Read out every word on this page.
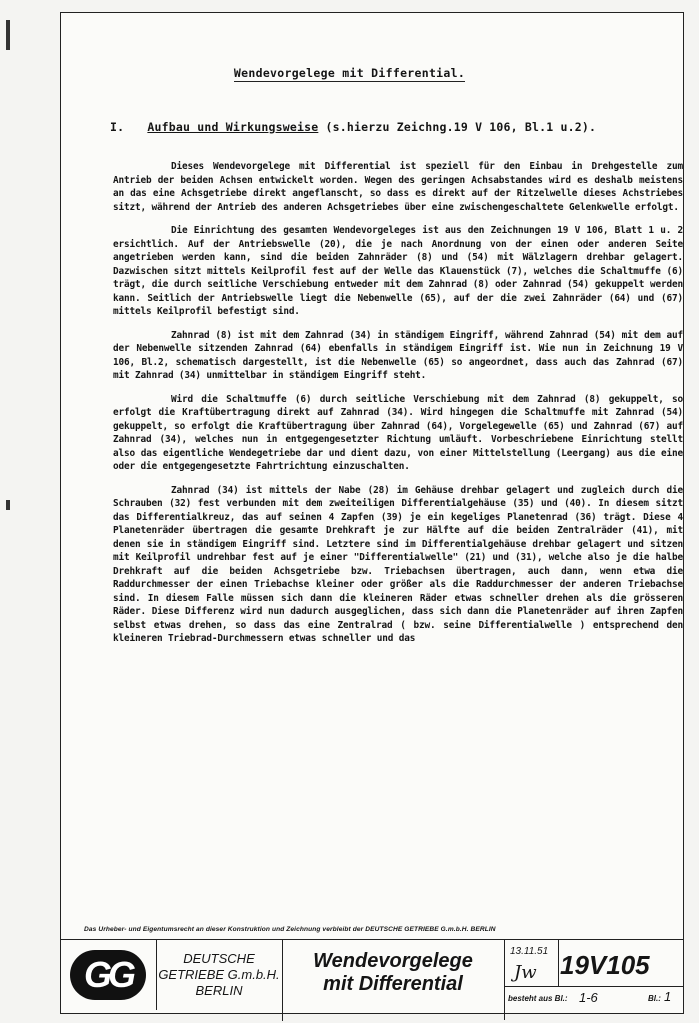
Wendevorgelege mit Differential.
I. Aufbau und Wirkungsweise (s.hierzu Zeichng.19 V 106, Bl.1 u.2).

Dieses Wendevorgelege mit Differential ist speziell für den Einbau in Drehgestelle zum Antrieb der beiden Achsen entwickelt worden. Wegen des geringen Achsabstandes wird es deshalb meistens an das eine Achsgetriebe direkt angeflanscht, so dass es direkt auf der Ritzelwelle dieses Achstriebes sitzt, während der Antrieb des anderen Achsgetriebes über eine zwischengeschaltete Gelenkwelle erfolgt.

Die Einrichtung des gesamten Wendevorgeleges ist aus den Zeichnungen 19 V 106, Blatt 1 u. 2 ersichtlich. Auf der Antriebswelle (20), die je nach Anordnung von der einen oder anderen Seite angetrieben werden kann, sind die beiden Zahnräder (8) und (54) mit Wälzlagern drehbar gelagert. Dazwischen sitzt mittels Keilprofil fest auf der Welle das Klauenstück (7), welches die Schaltmuffe (6) trägt, die durch seitliche Verschiebung entweder mit dem Zahnrad (8) oder Zahnrad (54) gekuppelt werden kann. Seitlich der Antriebswelle liegt die Nebenwelle (65), auf der die zwei Zahnräder (64) und (67) mittels Keilprofil befestigt sind.

Zahnrad (8) ist mit dem Zahnrad (34) in ständigem Eingriff, während Zahnrad (54) mit dem auf der Nebenwelle sitzenden Zahnrad (64) ebenfalls in ständigem Eingriff ist. Wie nun in Zeichnung 19 V 106, Bl.2, schematisch dargestellt, ist die Nebenwelle (65) so angeordnet, dass auch das Zahnrad (67) mit Zahnrad (34) unmittelbar in ständigem Eingriff steht.

Wird die Schaltmuffe (6) durch seitliche Verschiebung mit dem Zahnrad (8) gekuppelt, so erfolgt die Kraftübertragung direkt auf Zahnrad (34). Wird hingegen die Schaltmuffe mit Zahnrad (54) gekuppelt, so erfolgt die Kraftübertragung über Zahnrad (64), Vorgelegewelle (65) und Zahnrad (67) auf Zahnrad (34), welches nun in entgegengesetzter Richtung umläuft. Vorbeschriebene Einrichtung stellt also das eigentliche Wendegetriebe dar und dient dazu, von einer Mittelstellung (Leergang) aus die eine oder die entgegengesetzte Fahrtrichtung einzuschalten.

Zahnrad (34) ist mittels der Nabe (28) im Gehäuse drehbar gelagert und zugleich durch die Schrauben (32) fest verbunden mit dem zweiteiligen Differentialgehäuse (35) und (40). In diesem sitzt das Differentialkreuz, das auf seinen 4 Zapfen (39) je ein kegeliges Planetenrad (36) trägt. Diese 4 Planetenräder übertragen die gesamte Drehkraft je zur Hälfte auf die beiden Zentralräder (41), mit denen sie in ständigem Eingriff sind. Letztere sind im Differentialgehäuse drehbar gelagert und sitzen mit Keilprofil undrehbar fest auf je einer "Differentialwelle" (21) und (31), welche also je die halbe Drehkraft auf die beiden Achsgetriebe bzw. Triebachsen übertragen, auch dann, wenn etwa die Raddurchmesser der einen Triebachse kleiner oder größer als die Raddurchmesser der anderen Triebachse sind. In diesem Falle müssen sich dann die kleineren Räder etwas schneller drehen als die grösseren Räder. Diese Differenz wird nun dadurch ausgeglichen, dass sich dann die Planetenräder auf ihren Zapfen selbst etwas drehen, so dass das eine Zentralrad ( bzw. seine Differentialwelle ) entsprechend den kleineren Triebrad-Durchmessern etwas schneller und das

Das Urheber- und Eigentumsrecht an dieser Konstruktion und Zeichnung verbleibt der DEUTSCHE GETRIEBE G.m.b.H. BERLIN
GG	DEUTSCHE
GETRIEBE G.m.b.H.
BERLIN
Wendevorgelege
mit Differential
13.11.51
Jw 19V105
besteht aus Bl.: 1-6	Bl.: 1
